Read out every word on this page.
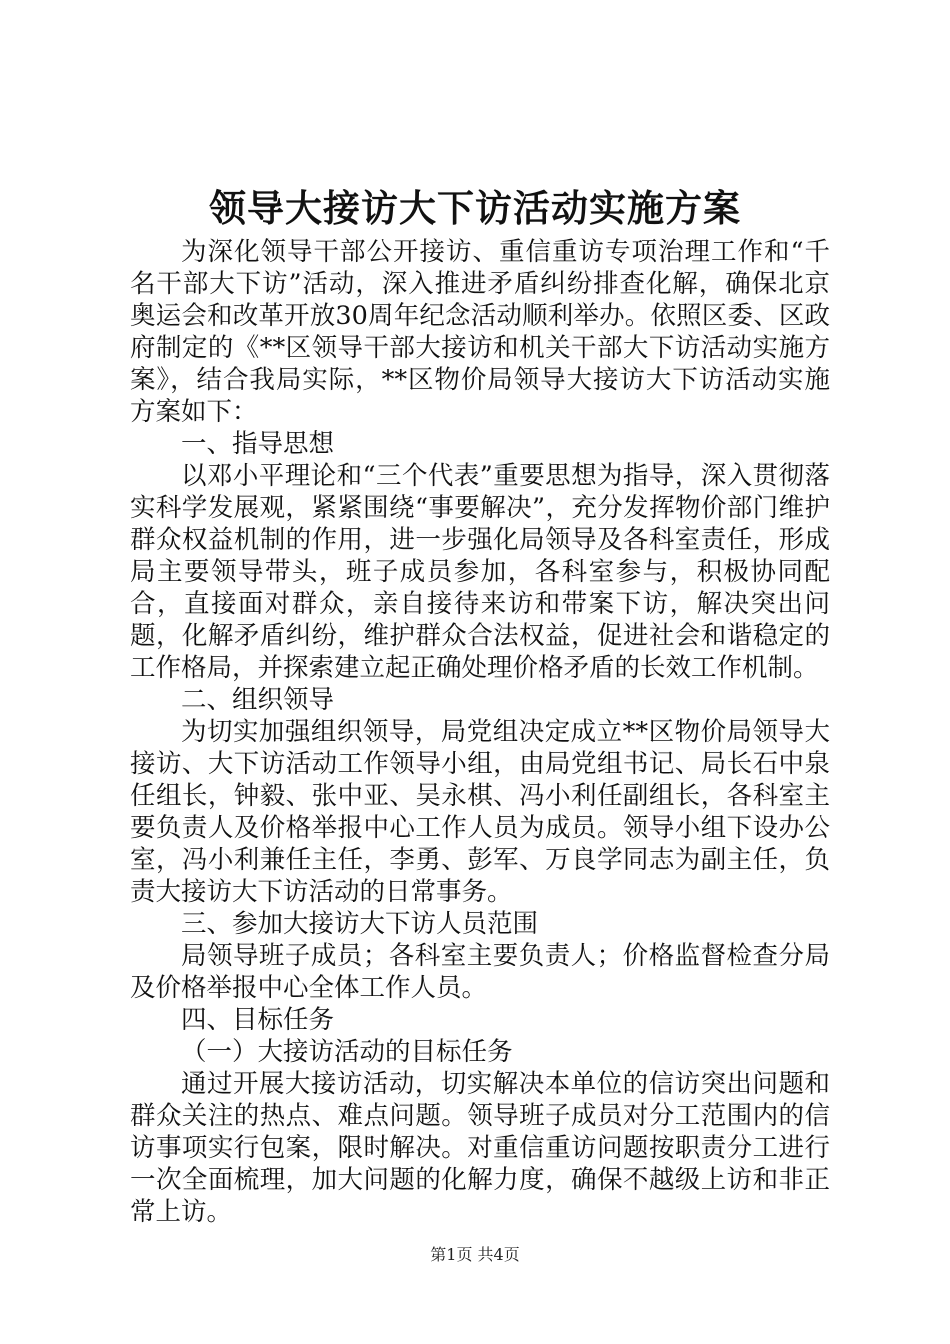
领导大接访大下访活动实施方案

为深化领导干部公开接访、重信重访专项治理工作和“千名干部大下访”活动，深入推进矛盾纠纷排查化解，确保北京奥运会和改革开放30周年纪念活动顺利举办。依照区委、区政府制定的《**区领导干部大接访和机关干部大下访活动实施方案》，结合我局实际，**区物价局领导大接访大下访活动实施方案如下：

一、指导思想

以邓小平理论和“三个代表”重要思想为指导，深入贯彻落实科学发展观，紧紧围绕“事要解决”，充分发挥物价部门维护群众权益机制的作用，进一步强化局领导及各科室责任，形成局主要领导带头，班子成员参加，各科室参与，积极协同配合，直接面对群众，亲自接待来访和带案下访，解决突出问题，化解矛盾纠纷，维护群众合法权益，促进社会和谐稳定的工作格局，并探索建立起正确处理价格矛盾的长效工作机制。

二、组织领导

为切实加强组织领导，局党组决定成立**区物价局领导大接访、大下访活动工作领导小组，由局党组书记、局长石中泉任组长，钟毅、张中亚、吴永棋、冯小利任副组长，各科室主要负责人及价格举报中心工作人员为成员。领导小组下设办公室，冯小利兼任主任，李勇、彭军、万良学同志为副主任，负责大接访大下访活动的日常事务。

三、参加大接访大下访人员范围

局领导班子成员；各科室主要负责人；价格监督检查分局及价格举报中心全体工作人员。

四、目标任务

（一）大接访活动的目标任务

通过开展大接访活动，切实解决本单位的信访突出问题和群众关注的热点、难点问题。领导班子成员对分工范围内的信访事项实行包案，限时解决。对重信重访问题按职责分工进行一次全面梳理，加大问题的化解力度，确保不越级上访和非正常上访。

第1页 共4页
